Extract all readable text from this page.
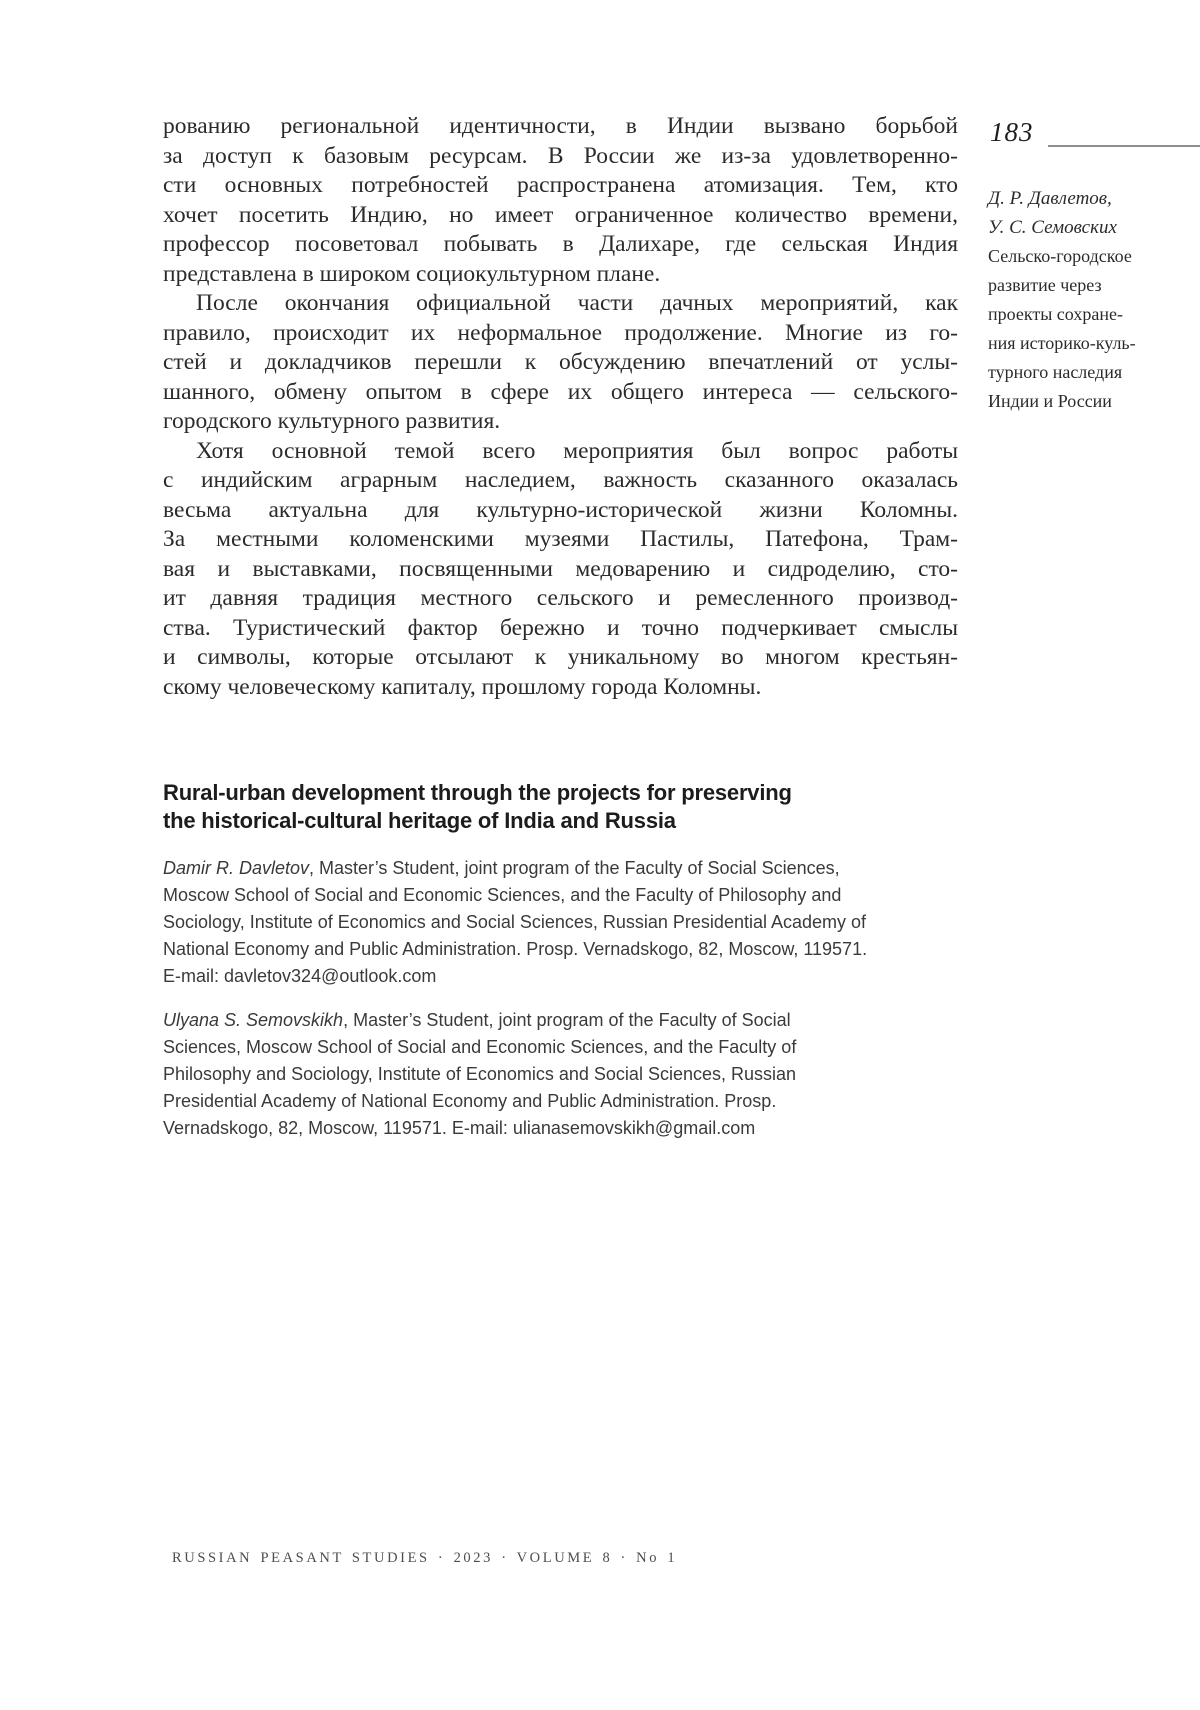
183
рованию региональной идентичности, в Индии вызвано борьбой
за доступ к базовым ресурсам. В России же из-за удовлетворенно-
сти основных потребностей распространена атомизация. Тем, кто
хочет посетить Индию, но имеет ограниченное количество времени,
профессор посоветовал побывать в Далихаре, где сельская Индия
представлена в широком социокультурном плане.
После окончания официальной части дачных мероприятий, как
правило, происходит их неформальное продолжение. Многие из го-
стей и докладчиков перешли к обсуждению впечатлений от услы-
шанного, обмену опытом в сфере их общего интереса — сельского-
городского культурного развития.
Хотя основной темой всего мероприятия был вопрос работы
с индийским аграрным наследием, важность сказанного оказалась
весьма актуальна для культурно-исторической жизни Коломны.
За местными коломенскими музеями Пастилы, Патефона, Трам-
вая и выставками, посвященными медоварению и сидроделию, сто-
ит давняя традиция местного сельского и ремесленного производ-
ства. Туристический фактор бережно и точно подчеркивает смыслы
и символы, которые отсылают к уникальному во многом крестьян-
скому человеческому капиталу, прошлому города Коломны.
Д. Р. Давлетов,
У. С. Семовских
Сельско-городское
развитие через
проекты сохране-
ния историко-куль-
турного наследия
Индии и России
Rural-urban development through the projects for preserving
the historical-cultural heritage of India and Russia
Damir R. Davletov, Master’s Student, joint program of the Faculty of Social Sciences,
Moscow School of Social and Economic Sciences, and the Faculty of Philosophy and
Sociology, Institute of Economics and Social Sciences, Russian Presidential Academy of
National Economy and Public Administration. Prosp. Vernadskogo, 82, Moscow, 119571.
E-mail: davletov324@outlook.com
Ulyana S. Semovskikh, Master’s Student, joint program of the Faculty of Social
Sciences, Moscow School of Social and Economic Sciences, and the Faculty of
Philosophy and Sociology, Institute of Economics and Social Sciences, Russian
Presidential Academy of National Economy and Public Administration. Prosp.
Vernadskogo, 82, Moscow, 119571. E-mail: ulianasemovskikh@gmail.com
RUSSIAN PEASANT STUDIES · 2023 · VOLUME 8 · No 1
